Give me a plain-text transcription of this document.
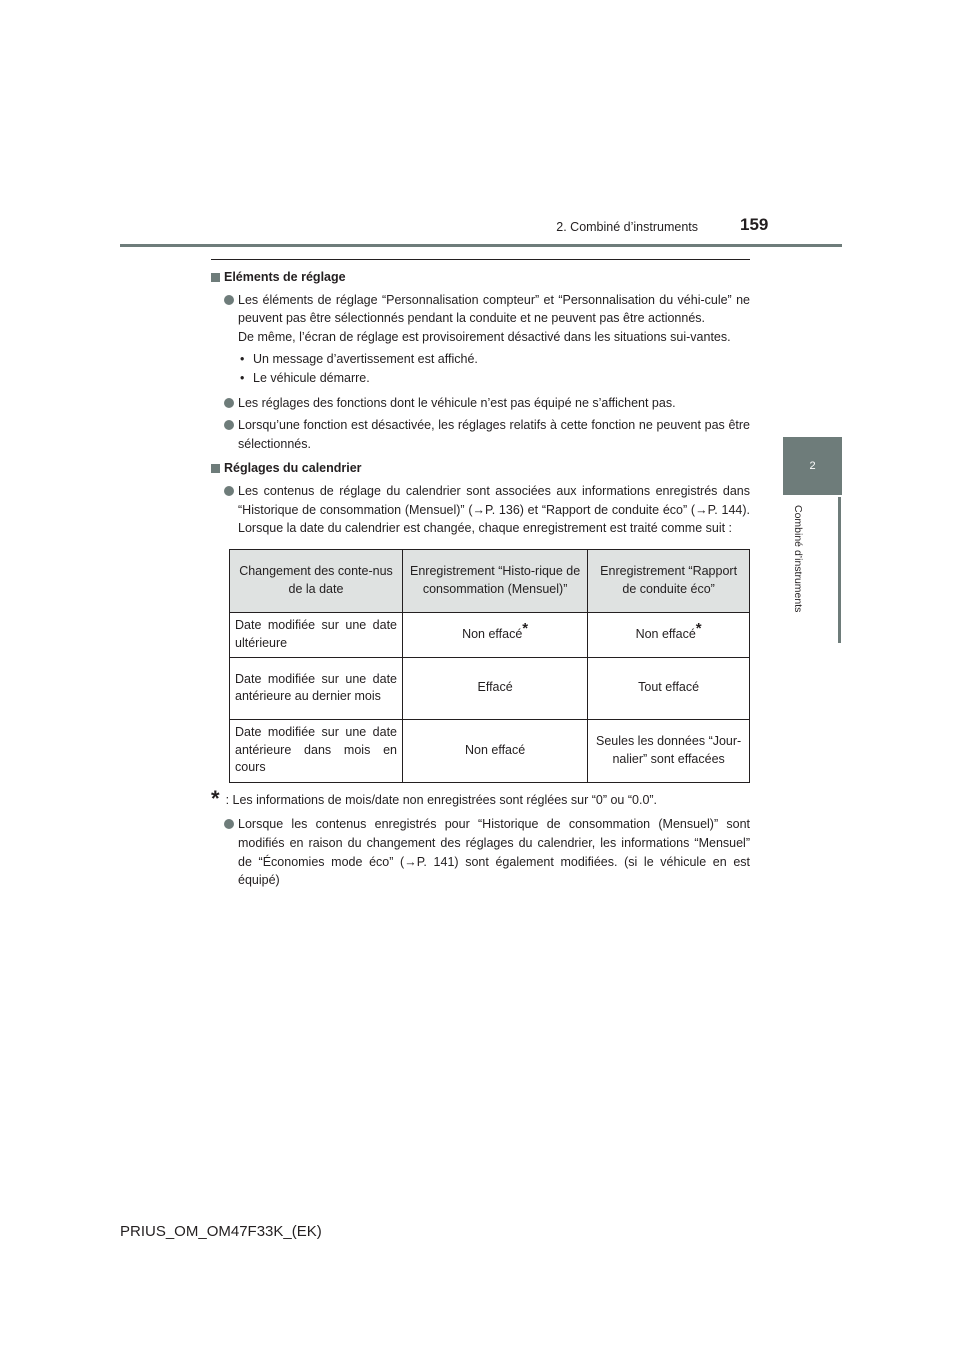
2. Combiné d’instruments 159
2
Combiné d’instruments
Eléments de réglage
Les éléments de réglage “Personnalisation compteur” et “Personnalisation du véhi-cule” ne peuvent pas être sélectionnés pendant la conduite et ne peuvent pas être actionnés.
De même, l’écran de réglage est provisoirement désactivé dans les situations sui-vantes.
• Un message d’avertissement est affiché.
• Le véhicule démarre.
Les réglages des fonctions dont le véhicule n’est pas équipé ne s’affichent pas.
Lorsqu’une fonction est désactivée, les réglages relatifs à cette fonction ne peuvent pas être sélectionnés.
Réglages du calendrier
Les contenus de réglage du calendrier sont associées aux informations enregistrés dans “Historique de consommation (Mensuel)” (→P. 136) et “Rapport de conduite éco” (→P. 144). Lorsque la date du calendrier est changée, chaque enregistrement est traité comme suit :
Changement des conte-nus de la date	Enregistrement “Histo-rique de consommation (Mensuel)”	Enregistrement “Rapport de conduite éco”
Date modifiée sur une date ultérieure	Non effacé*	Non effacé*
Date modifiée sur une date antérieure au dernier mois	Effacé	Tout effacé
Date modifiée sur une date antérieure dans mois en cours	Non effacé	Seules les données “Jour-nalier” sont effacées
* : Les informations de mois/date non enregistrées sont réglées sur “0” ou “0.0”.
Lorsque les contenus enregistrés pour “Historique de consommation (Mensuel)” sont modifiés en raison du changement des réglages du calendrier, les informations “Mensuel” de “Économies mode éco” (→P. 141) sont également modifiées. (si le véhicule en est équipé)
PRIUS_OM_OM47F33K_(EK)
